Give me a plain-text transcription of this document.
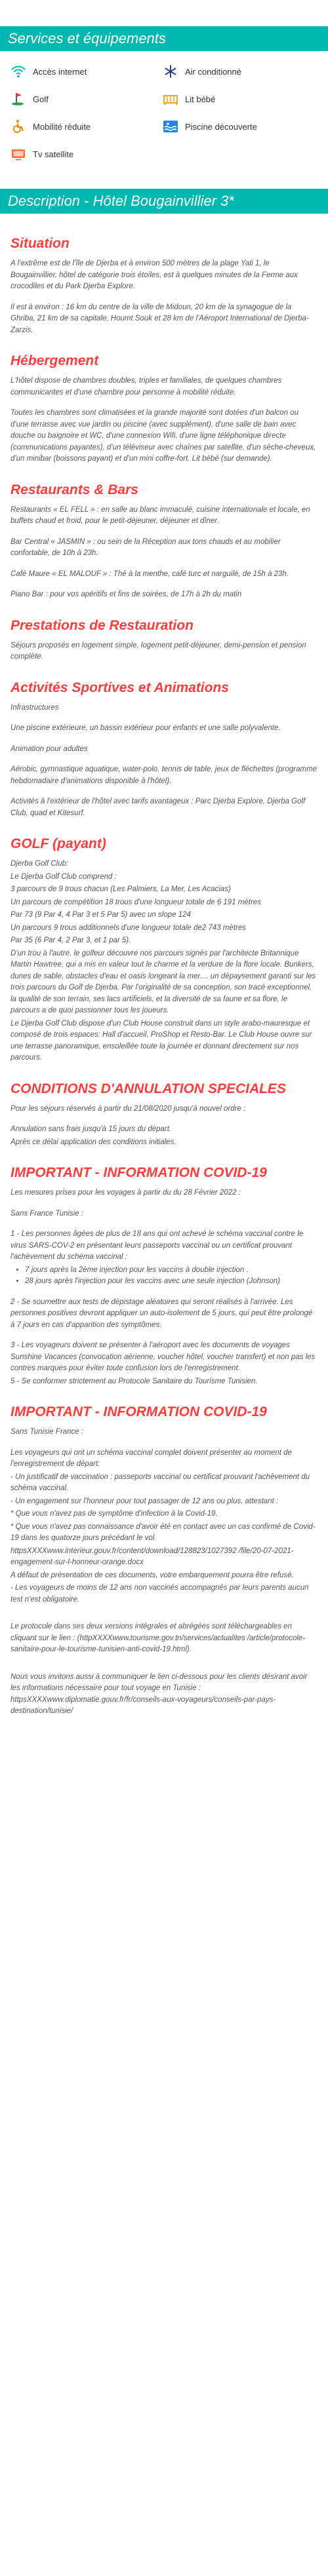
Services et équipements
Accès internet	Air conditionné
Golf	Lit bébé
Mobilité réduite	Piscine découverte
Tv satellite
Description - Hôtel Bougainvillier 3*
Situation

A l'extrême est de l'île de Djerba et à environ 500 mètres de la plage Yati 1, le Bougainvillier, hôtel de catégorie trois étoiles, est à quelques minutes de la Ferme aux crocodiles et du Park Djerba Explore.

Il est à environ : 16 km du centre de la ville de Midoun, 20 km de la synagogue de la Ghriba, 21 km de sa capitale, Houmt Souk et 28 km de l'Aéroport International de Djerba-Zarzis.

Hébergement

L'hôtel dispose de chambres doubles, triples et familiales, de quelques chambres communicantes et d'une chambre pour personne à mobilité réduite.

Toutes les chambres sont climatisées et la grande majorité sont dotées d'un balcon ou d'une terrasse avec vue jardin ou piscine (avec supplément), d'une salle de bain avec douche ou baignoire et WC, d'une connexion Wifi, d'une ligne téléphonique directe (communications payantes), d'un téléviseur avec chaînes par satellite, d'un sèche-cheveux, d'un minibar (boissons payant) et d'un mini coffre-fort. Lit bébé (sur demande).

Restaurants & Bars

Restaurants « EL FELL » : en salle au blanc immaculé, cuisine internationale et locale, en buffets chaud et froid, pour le petit-déjeuner, déjeuner et dîner.

Bar Central « JASMIN » : ou sein de la Réception aux tons chauds et au mobilier confortable, de 10h à 23h.

Café Maure « EL MALOUF » : Thé à la menthe, café turc et narguilé, de 15h à 23h.

Piano Bar : pour vos apéritifs et fins de soirées, de 17h à 2h du matin

Prestations de Restauration

Séjours proposés en logement simple, logement petit-déjeuner, demi-pension et pension complète.

Activités Sportives et Animations

Infrastructures

Une piscine extérieure, un bassin extérieur pour enfants et une salle polyvalente.

Animation pour adultes

Aérobic, gymnastique aquatique, water-polo, tennis de table, jeux de fléchettes (programme hebdomadaire d'animations disponible à l'hôtel).

Activités à l'extérieur de l'hôtel avec tarifs avantageux : Parc Djerba Explore, Djerba Golf Club, quad et Kitesurf.

GOLF (payant)

Djerba Golf Club:

Le Djerba Golf Club comprend :

3 parcours de 9 trous chacun (Les Palmiers, La Mer, Les Acacias)

Un parcours de compétition 18 trous d'une longueur totale de 6 191 mètres

Par 73 (9 Par 4, 4 Par 3 et 5 Par 5) avec un slope 124

Un parcours 9 trous additionnels d'une longueur totale de2 743 mètres

Par 35 (6 Par 4, 2 Par 3, et 1 par 5).

D'un trou à l'autre, le golfeur découvre nos parcours signés par l'architecte Britannique Martin Hawtree, qui a mis en valeur tout le charme et la verdure de la flore locale. Bunkers, dunes de sable, obstacles d'eau et oasis longeant la mer.... un dépaysement garanti sur les trois parcours du Golf de Djerba. Par l'originalité de sa conception, son tracé exceptionnel, la qualité de son terrain, ses lacs artificiels, et la diversité de sa faune et sa flore, le parcours a de quoi passionner tous les joueurs.

Le Djerba Golf Club dispose d'un Club House construit dans un style arabo-mauresque et composé de trois espaces: Hall d'accueil, ProShop et Resto-Bar. Le Club House ouvre sur une terrasse panoramique, ensoleillée toute la journée et donnant directement sur nos parcours.

CONDITIONS D'ANNULATION SPECIALES

Pour les séjours réservés à partir du 21/08/2020 jusqu'à nouvel ordre :

Annulation sans frais jusqu'à 15 jours du départ.

Après ce délai application des conditions initiales.

IMPORTANT - INFORMATION COVID-19

Les mesures prises pour les voyages à partir du du 28 Février 2022 :

Sans France Tunisie :

1 - Les personnes âgées de plus de 18 ans qui ont achevé le schéma vaccinal contre le virus SARS-COV-2 en présentant leurs passeports vaccinal ou un certificat prouvant l'achèvement du schéma vaccinal :

• 7 jours après la 2ème injection pour les vaccins à double injection .
• 28 jours après l'injection pour les vaccins avec une seule injection (Johnson)

2 - Se soumettre aux tests de dépistage aléatoires qui seront réalisés à l'arrivée. Les personnes positives devront appliquer un auto-isolement de 5 jours, qui peut être prolongé à 7 jours en cas d'apparition des symptômes.

3 - Les voyageurs doivent se présenter à l'aéroport avec les documents de voyages Sunshine Vacances (convocation aérienne, voucher hôtel, voucher transfert) et non pas les contres marques pour éviter toute confusion lors de l'enregistrement.

5 - Se conformer strictement au Protocole Sanitaire du Tourisme Tunisien.

IMPORTANT - INFORMATION COVID-19

Sans Tunisie France :

Les voyageurs qui ont un schéma vaccinal complet doivent présenter au moment de l'enregistrement de départ:

- Un justificatif de vaccination : passeports vaccinal ou certificat prouvant l'achèvement du schéma vaccinal.

- Un engagement sur l'honneur pour tout passager de 12 ans ou plus, attestant :

* Que vous n'avez pas de symptôme d'infection à la Covid-19.

* Que vous n'avez pas connaissance d'avoir été en contact avec un cas confirmé de Covid-19 dans les quatorze jours précédant le vol.

httpsXXXXwww.interieur.gouv.fr/content/download/128823/1027392 /file/20-07-2021-engagement-sur-l-honneur-orange.docx

A défaut de présentation de ces documents, votre embarquement pourra être refusé.

- Les voyageurs de moins de 12 ans non vaccinés accompagnés par leurs parents aucun test n'est obligatoire.

Le protocole dans ses deux versions intégrales et abrégées sont téléchargeables en cliquant sur le lien : (httpXXXXwww.tourisme.gov.tn/services/actualites /article/protocole-sanitaire-pour-le-tourisme-tunisien-anti-covid-19.html).

Nous vous invitons aussi à communiquer le lien ci-dessous pour les clients désirant avoir les informations nécessaire pour tout voyage en Tunisie : httpsXXXXwww.diplomatie.gouv.fr/fr/conseils-aux-voyageurs/conseils-par-pays-destination/tunisie/
